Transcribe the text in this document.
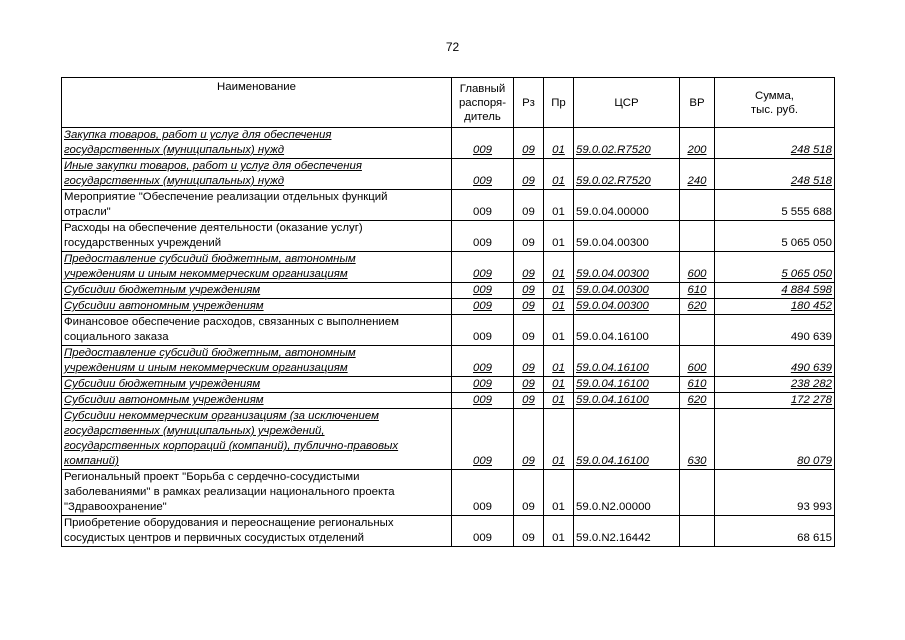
72
Наименование	Главный
распоря-
дитель	Рз	Пр	ЦСР	ВР	Сумма,
тыс. руб.
Закупка товаров, работ и услуг для обеспечения
государственных (муниципальных) нужд	009	09	01	59.0.02.R7520	200	248 518
Иные закупки товаров, работ и услуг для обеспечения
государственных (муниципальных) нужд	009	09	01	59.0.02.R7520	240	248 518
Мероприятие "Обеспечение реализации отдельных функций
отрасли"	009	09	01	59.0.04.00000		5 555 688
Расходы на обеспечение деятельности (оказание услуг)
государственных учреждений	009	09	01	59.0.04.00300		5 065 050
Предоставление субсидий бюджетным, автономным
учреждениям и иным некоммерческим организациям	009	09	01	59.0.04.00300	600	5 065 050
Субсидии бюджетным учреждениям	009	09	01	59.0.04.00300	610	4 884 598
Субсидии автономным учреждениям	009	09	01	59.0.04.00300	620	180 452
Финансовое обеспечение расходов, связанных с выполнением
социального заказа	009	09	01	59.0.04.16100		490 639
Предоставление субсидий бюджетным, автономным
учреждениям и иным некоммерческим организациям	009	09	01	59.0.04.16100	600	490 639
Субсидии бюджетным учреждениям	009	09	01	59.0.04.16100	610	238 282
Субсидии автономным учреждениям	009	09	01	59.0.04.16100	620	172 278
Субсидии некоммерческим организациям (за исключением
государственных (муниципальных) учреждений,
государственных корпораций (компаний), публично-правовых
компаний)	009	09	01	59.0.04.16100	630	80 079
Региональный проект "Борьба с сердечно-сосудистыми
заболеваниями" в рамках реализации национального проекта
"Здравоохранение"	009	09	01	59.0.N2.00000		93 993
Приобретение оборудования и переоснащение региональных
сосудистых центров и первичных сосудистых отделений	009	09	01	59.0.N2.16442		68 615
